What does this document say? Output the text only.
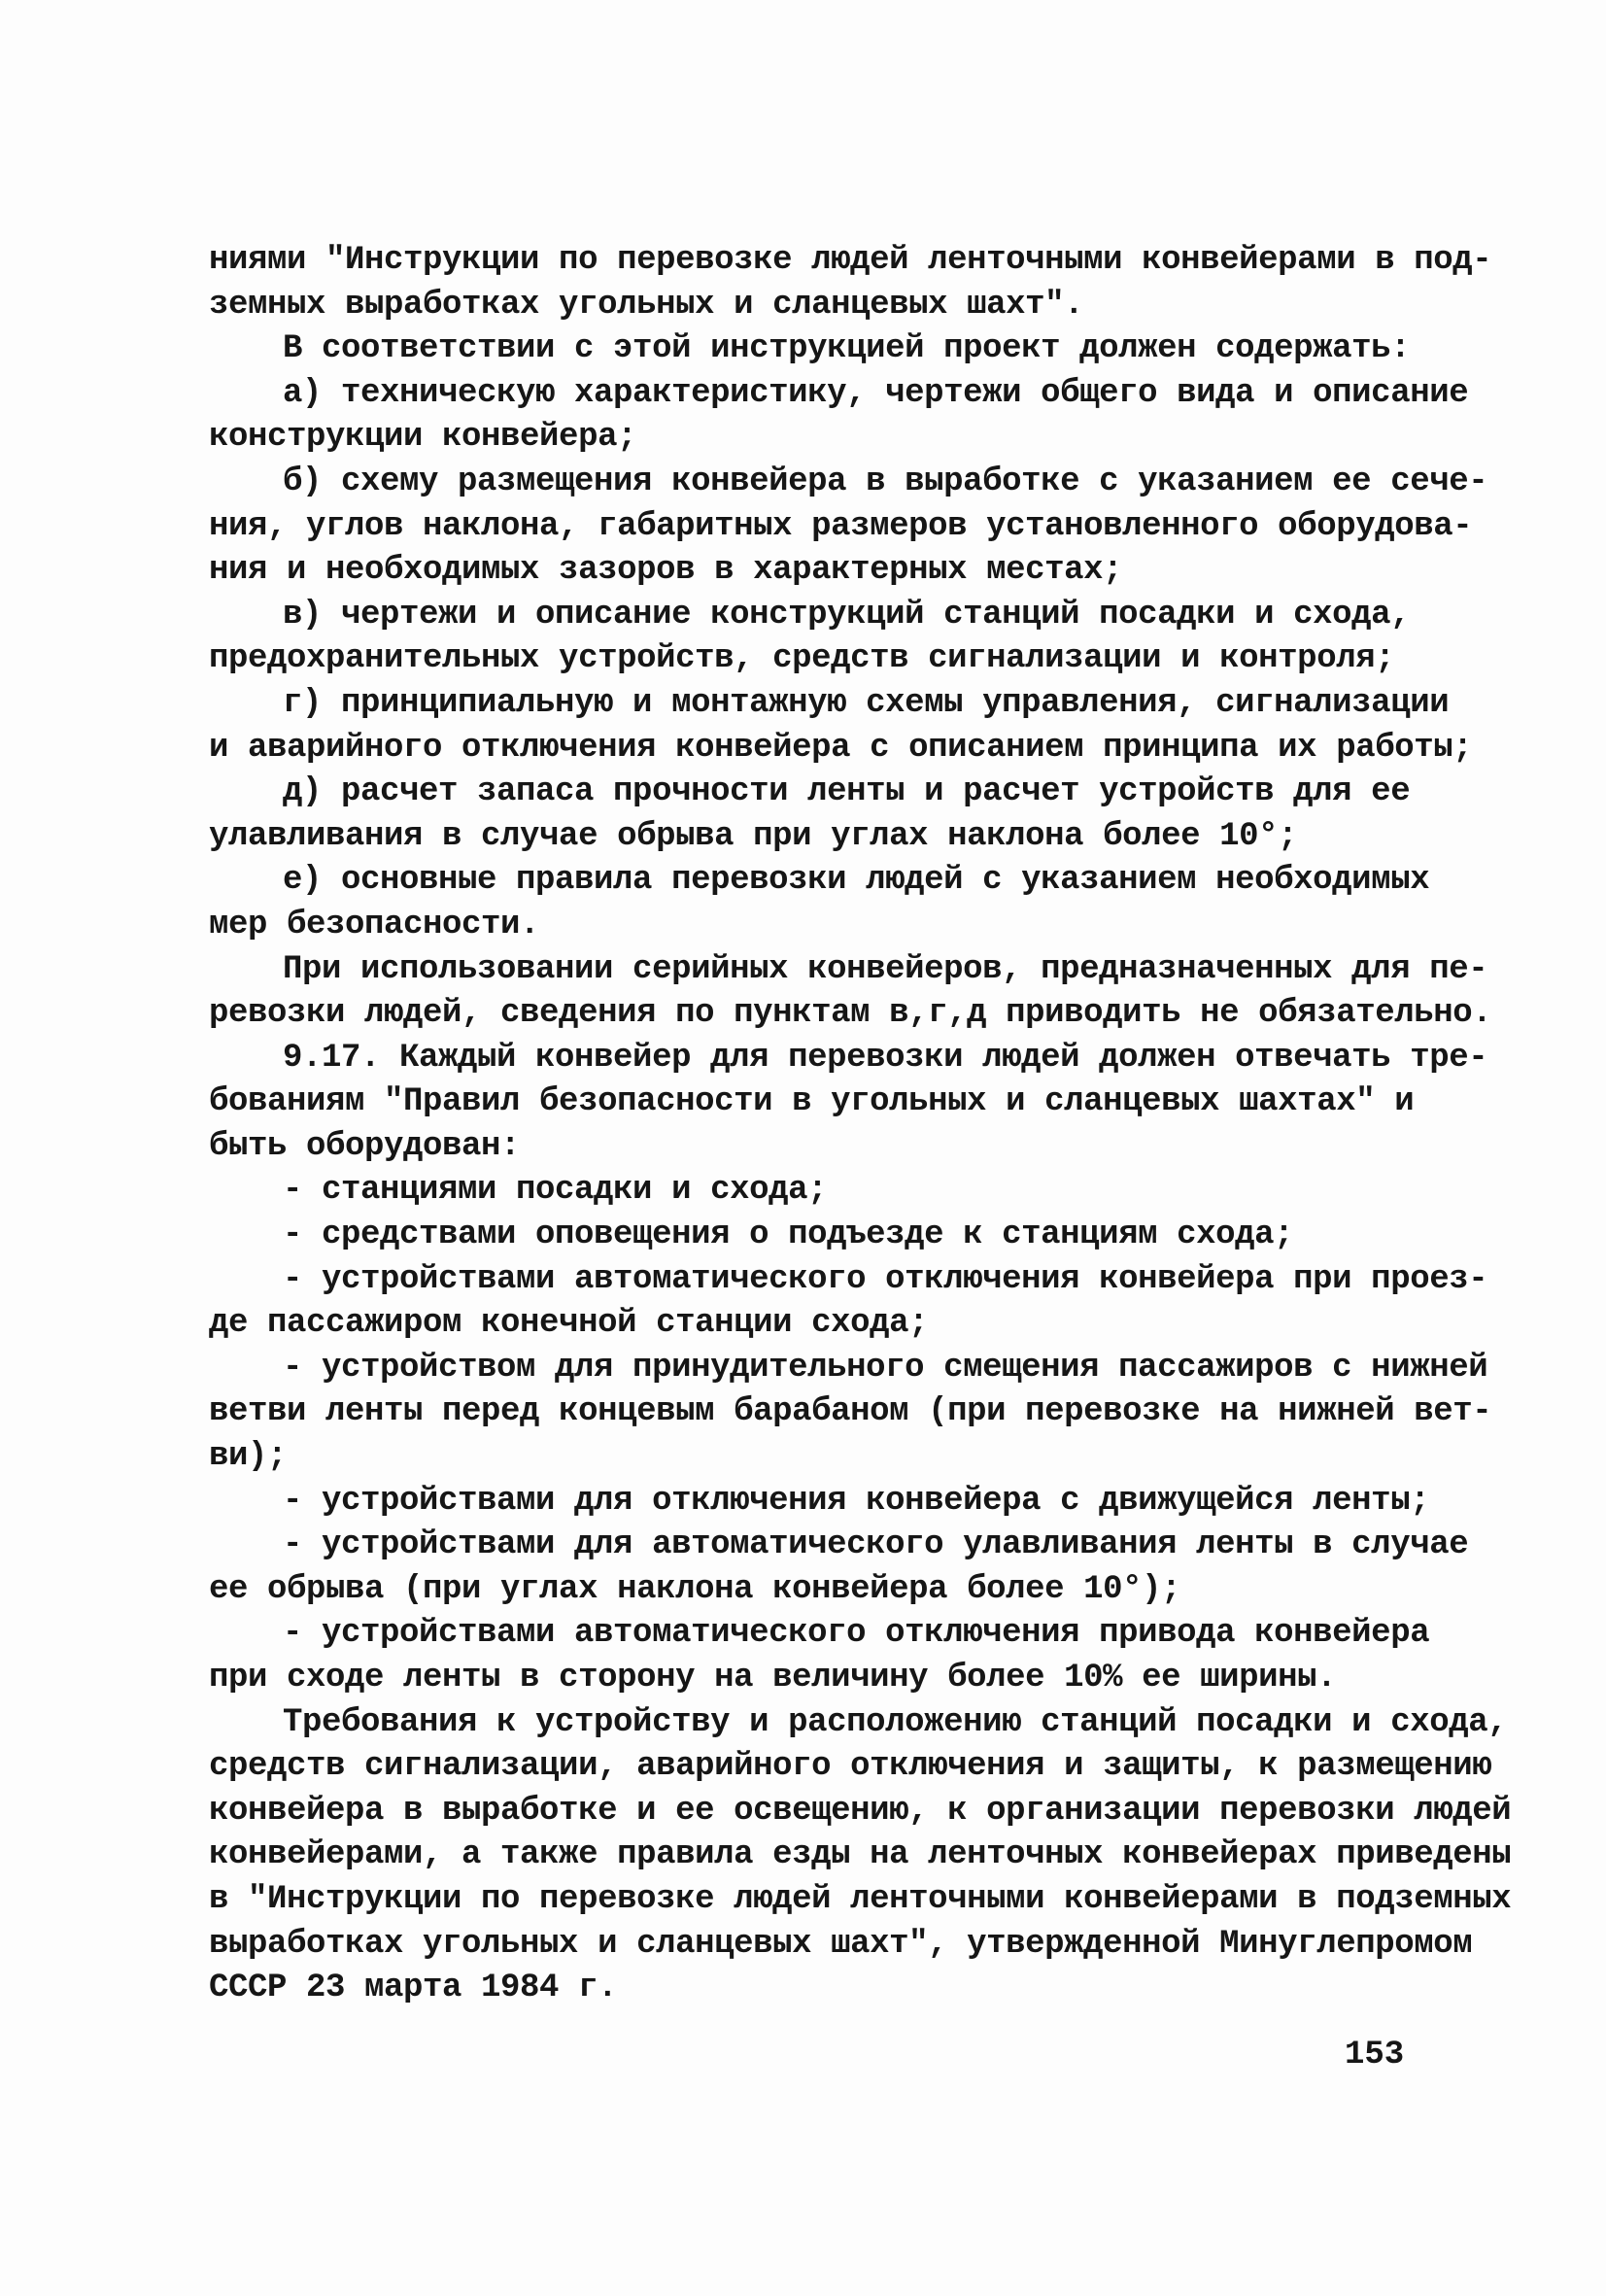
ниями "Инструкции по перевозке людей ленточными конвейерами в под-
земных выработках угольных и сланцевых шахт".
В соответствии с этой инструкцией проект должен содержать:
а) техническую характеристику, чертежи общего вида и описание
конструкции конвейера;
б) схему размещения конвейера в выработке с указанием ее сече-
ния, углов наклона, габаритных размеров установленного оборудова-
ния и необходимых зазоров в характерных местах;
в) чертежи и описание конструкций станций посадки и схода,
предохранительных устройств, средств сигнализации и контроля;
г) принципиальную и монтажную схемы управления, сигнализации
и аварийного отключения конвейера с описанием принципа их работы;
д) расчет запаса прочности ленты и расчет устройств для ее
улавливания в случае обрыва при углах наклона более 10°;
е) основные правила перевозки людей с указанием необходимых
мер безопасности.
При использовании серийных конвейеров, предназначенных для пе-
ревозки людей, сведения по пунктам в,г,д приводить не обязательно.
9.17. Каждый конвейер для перевозки людей должен отвечать тре-
бованиям "Правил безопасности в угольных и сланцевых шахтах" и
быть оборудован:
- станциями посадки и схода;
- средствами оповещения о подъезде к станциям схода;
- устройствами автоматического отключения конвейера при проез-
де пассажиром конечной станции схода;
- устройством для принудительного смещения пассажиров с нижней
ветви ленты перед концевым барабаном (при перевозке на нижней вет-
ви);
- устройствами для отключения конвейера с движущейся ленты;
- устройствами для автоматического улавливания ленты в случае
ее обрыва (при углах наклона конвейера более 10°);
- устройствами автоматического отключения привода конвейера
при сходе ленты в сторону на величину более 10% ее ширины.
Требования к устройству и расположению станций посадки и схода,
средств сигнализации, аварийного отключения и защиты, к размещению
конвейера в выработке и ее освещению, к организации перевозки людей
конвейерами, а также правила езды на ленточных конвейерах приведены
в "Инструкции по перевозке людей ленточными конвейерами в подземных
выработках угольных и сланцевых шахт", утвержденной Минуглепромом
СССР 23 марта 1984 г.
153
